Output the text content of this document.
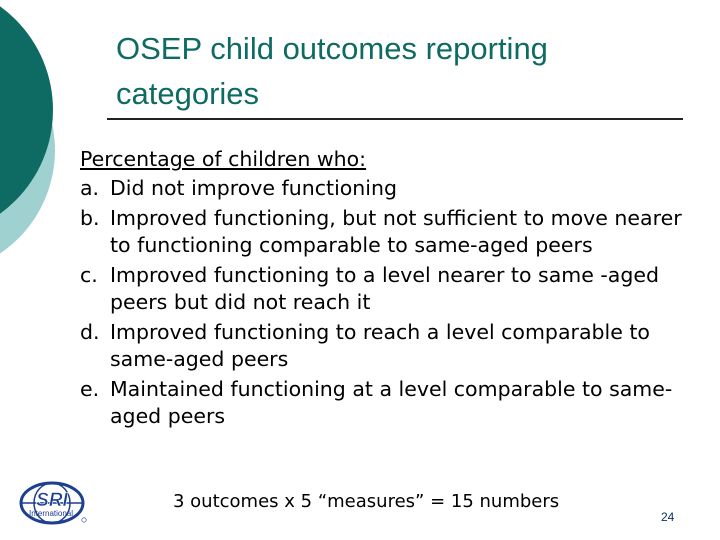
OSEP child outcomes reporting categories
Percentage of children who:
a. Did not improve functioning
b. Improved functioning, but not sufficient to move nearer to functioning comparable to same-aged peers
c. Improved functioning to a level nearer to same -aged peers but did not reach it
d. Improved functioning to reach a level comparable to same-aged peers
e. Maintained functioning at a level comparable to same-aged peers
SRI
International
3 outcomes x 5 “measures” = 15 numbers
24
